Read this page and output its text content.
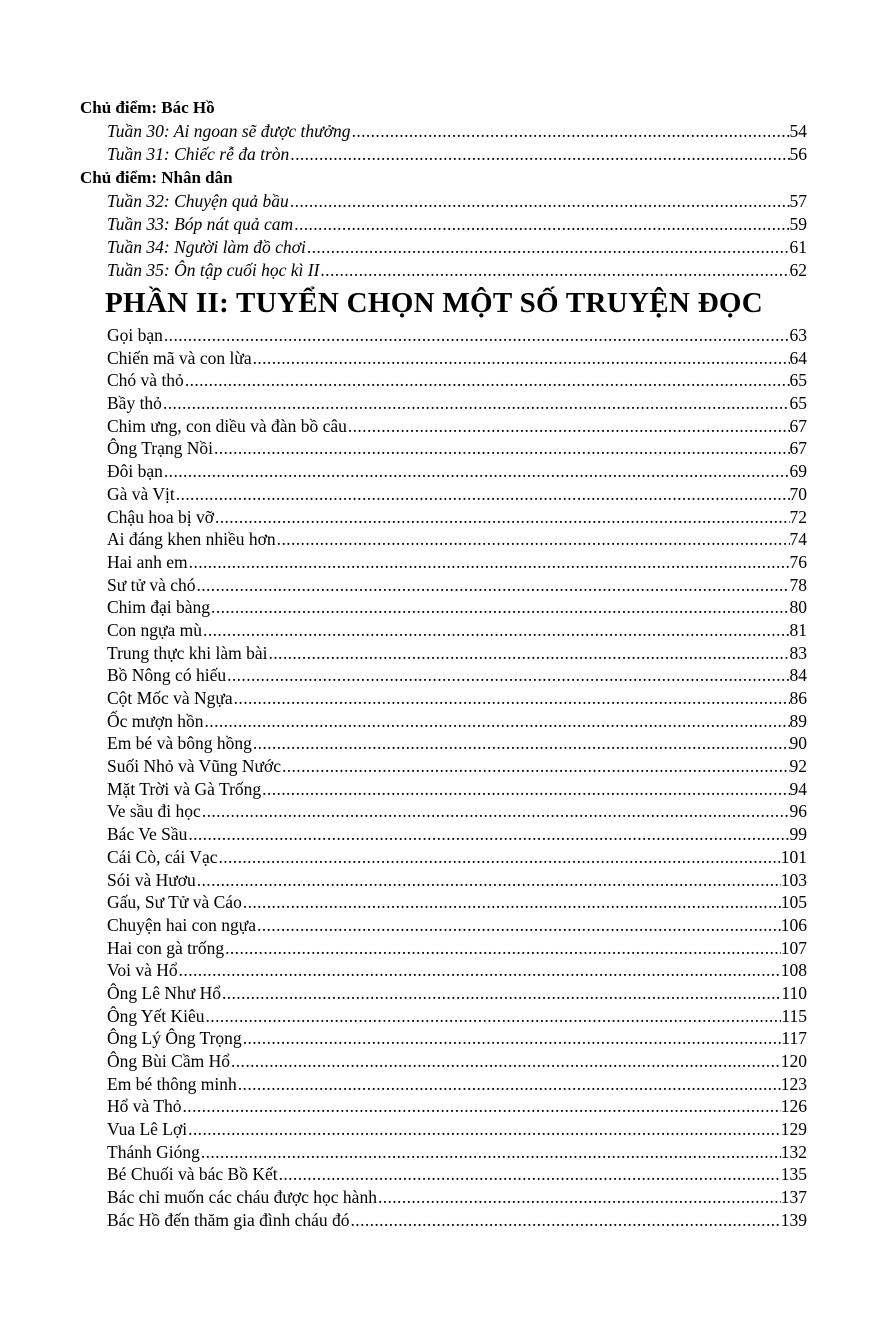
Chủ điểm: Bác Hồ
Tuần 30: Ai ngoan sẽ được thưởng .....	54
Tuần 31: Chiếc rễ đa tròn .....	56
Chủ điểm: Nhân dân
Tuần 32: Chuyện quả bầu .....	57
Tuần 33: Bóp nát quả cam .....	59
Tuần 34: Người làm đồ chơi .....	61
Tuần 35: Ôn tập cuối học kì II .....	62
PHẦN II: TUYỂN CHỌN MỘT SỐ TRUYỆN ĐỌC
Gọi bạn .....	63
Chiến mã và con lừa .....	64
Chó và thỏ .....	65
Bầy thỏ .....	65
Chim ưng, con diều và đàn bồ câu .....	67
Ông Trạng Nồi .....	67
Đôi bạn .....	69
Gà và Vịt .....	70
Chậu hoa bị vỡ .....	72
Ai đáng khen nhiều hơn .....	74
Hai anh em .....	76
Sư tử và chó .....	78
Chim đại bàng .....	80
Con ngựa mù .....	81
Trung thực khi làm bài .....	83
Bồ Nông có hiếu .....	84
Cột Mốc và Ngựa .....	86
Ốc mượn hồn .....	89
Em bé và bông hồng .....	90
Suối Nhỏ và Vũng Nước .....	92
Mặt Trời và Gà Trống .....	94
Ve sầu đi học .....	96
Bác Ve Sầu .....	99
Cái Cò, cái Vạc .....	101
Sói và Hươu .....	103
Gấu, Sư Tử và Cáo .....	105
Chuyện hai con ngựa .....	106
Hai con gà trống .....	107
Voi và Hổ .....	108
Ông Lê Như Hổ .....	110
Ông Yết Kiêu .....	115
Ông Lý Ông Trọng .....	117
Ông Bùi Cầm Hổ .....	120
Em bé thông minh .....	123
Hổ và Thỏ .....	126
Vua Lê Lợi .....	129
Thánh Gióng .....	132
Bé Chuối và bác Bồ Kết .....	135
Bác chỉ muốn các cháu được học hành .....	137
Bác Hồ đến thăm gia đình cháu đó .....	139
